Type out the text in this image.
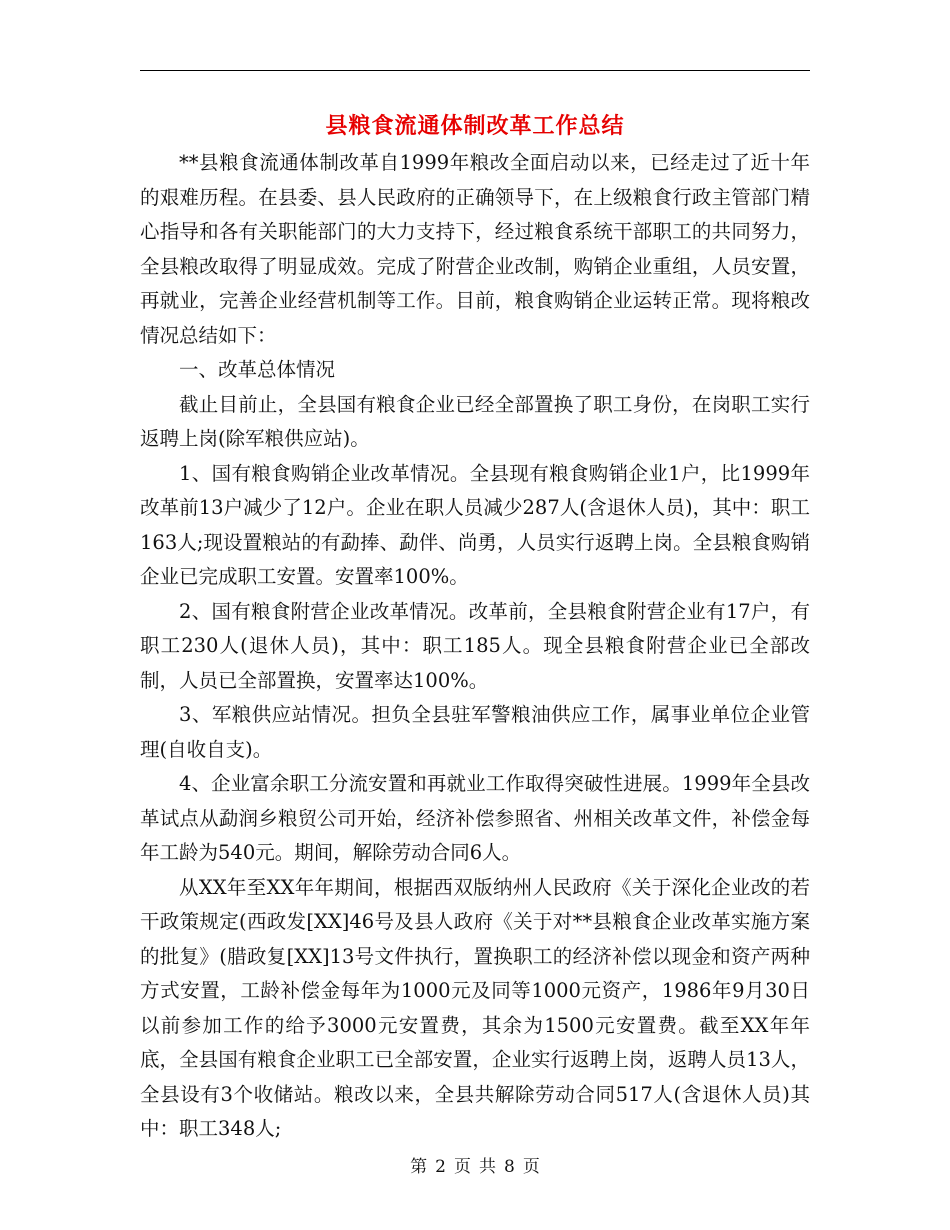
县粮食流通体制改革工作总结

**县粮食流通体制改革自1999年粮改全面启动以来，已经走过了近十年的艰难历程。在县委、县人民政府的正确领导下，在上级粮食行政主管部门精心指导和各有关职能部门的大力支持下，经过粮食系统干部职工的共同努力，全县粮改取得了明显成效。完成了附营企业改制，购销企业重组，人员安置，再就业，完善企业经营机制等工作。目前，粮食购销企业运转正常。现将粮改情况总结如下：

一、改革总体情况

截止目前止，全县国有粮食企业已经全部置换了职工身份，在岗职工实行返聘上岗(除军粮供应站)。

1、国有粮食购销企业改革情况。全县现有粮食购销企业1户，比1999年改革前13户减少了12户。企业在职人员减少287人(含退休人员)，其中：职工163人;现设置粮站的有勐捧、勐伴、尚勇，人员实行返聘上岗。全县粮食购销企业已完成职工安置。安置率100%。

2、国有粮食附营企业改革情况。改革前，全县粮食附营企业有17户，有职工230人(退休人员)，其中：职工185人。现全县粮食附营企业已全部改制，人员已全部置换，安置率达100%。

3、军粮供应站情况。担负全县驻军警粮油供应工作，属事业单位企业管理(自收自支)。

4、企业富余职工分流安置和再就业工作取得突破性进展。1999年全县改革试点从勐润乡粮贸公司开始，经济补偿参照省、州相关改革文件，补偿金每年工龄为540元。期间，解除劳动合同6人。

从XX年至XX年年期间，根据西双版纳州人民政府《关于深化企业改的若干政策规定(西政发[XX]46号及县人政府《关于对**县粮食企业改革实施方案的批复》(腊政复[XX]13号文件执行，置换职工的经济补偿以现金和资产两种方式安置，工龄补偿金每年为1000元及同等1000元资产，1986年9月30日以前参加工作的给予3000元安置费，其余为1500元安置费。截至XX年年底，全县国有粮食企业职工已全部安置，企业实行返聘上岗，返聘人员13人，全县设有3个收储站。粮改以来，全县共解除劳动合同517人(含退休人员)其中：职工348人;

第 2 页 共 8 页
